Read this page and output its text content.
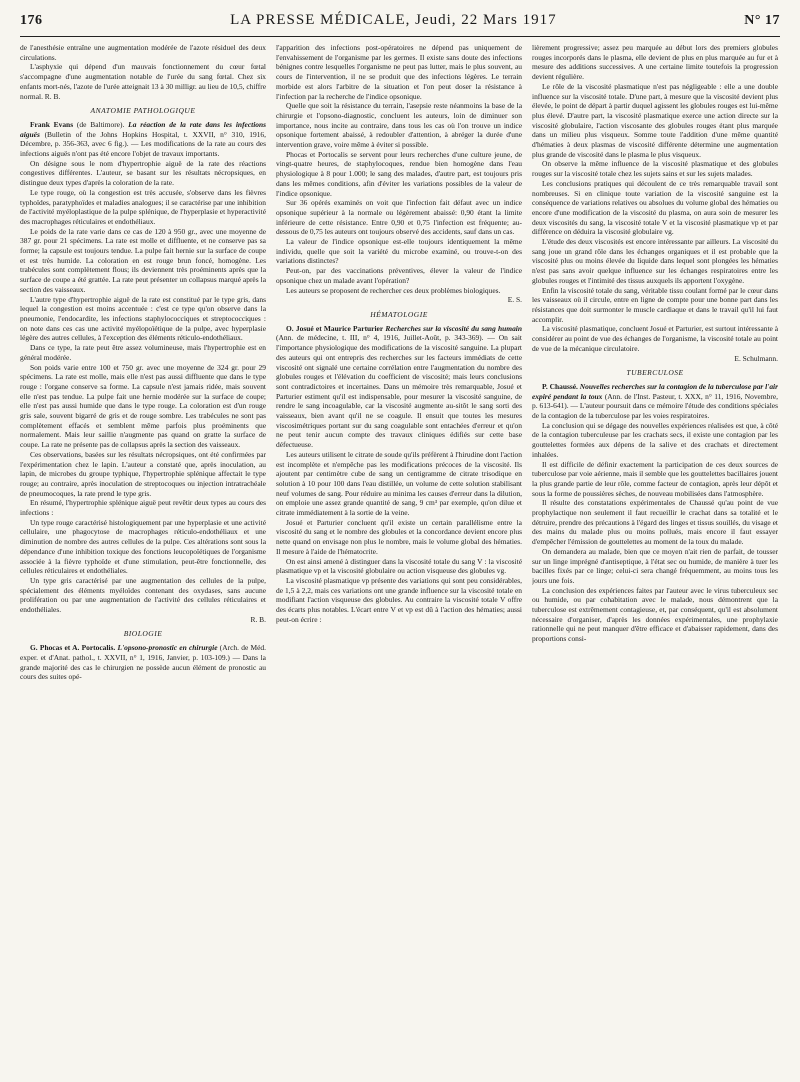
176	LA PRESSE MÉDICALE, Jeudi, 22 Mars 1917	N° 17

de l'anesthésie entraîne une augmentation modérée de l'azote résiduel des deux circulations.

L'asphyxie qui dépend d'un mauvais fonctionnement du cœur fœtal s'accompagne d'une augmentation notable de l'urée du sang fœtal. Chez six enfants mort-nés, l'azote de l'urée atteignait 13 à 30 milligr. au lieu de 10,5, chiffre normal. R. B.

ANATOMIE PATHOLOGIQUE

Frank Evans (de Baltimore). La réaction de la rate dans les infections aiguës (Bulletin of the Johns Hopkins Hospital, t. XXVII, n° 310, 1916, Décembre, p. 356-363, avec 6 fig.). — Les modifications de la rate au cours des infections aiguës n'ont pas été encore l'objet de travaux importants.

On désigne sous le nom d'hypertrophie aiguë de la rate des réactions congestives différentes. L'auteur, se basant sur les résultats nécropsiques, en distingue deux types d'après la coloration de la rate.

Le type rouge, où la congestion est très accusée, s'observe dans les fièvres typhoïdes, paratyphoïdes et maladies analogues; il se caractérise par une inhibition de l'activité myéloplastique de la pulpe splénique, de l'hyperplasie et hyperactivité des macrophages réticulaires et endothéliaux.

Le poids de la rate varie dans ce cas de 120 à 950 gr., avec une moyenne de 387 gr. pour 21 spécimens. La rate est molle et diffluente, et ne conserve pas sa forme; la capsule est toujours tendue. La pulpe fait hernie sur la surface de coupe et est très humide. La coloration en est rouge brun foncé, homogène. Les trabécules sont complètement flous; ils deviennent très proéminents après que la surface de coupe a été grattée. La rate peut présenter un collapsus marqué après la section des vaisseaux.

L'autre type d'hypertrophie aiguë de la rate est constitué par le type gris, dans lequel la congestion est moins accentuée : c'est ce type qu'on observe dans la pneumonie, l'endocardite, les infections staphylococciques et streptococciques : on note dans ces cas une activité myélopoïétique de la pulpe, avec hyperplasie légère des autres cellules, à l'exception des éléments réticulo-endothéliaux.

Dans ce type, la rate peut être assez volumineuse, mais l'hypertrophie est en général modérée.

Son poids varie entre 100 et 750 gr. avec une moyenne de 324 gr. pour 29 spécimens. La rate est molle, mais elle n'est pas aussi diffluente que dans le type rouge : l'organe conserve sa forme. La capsule n'est jamais ridée, mais souvent elle n'est pas tendue. La pulpe fait une hernie modérée sur la surface de coupe; elle n'est pas aussi humide que dans le type rouge. La coloration est d'un rouge gris sale, souvent bigarré de gris et de rouge sombre. Les trabécules ne sont pas complètement effacés et semblent même parfois plus proéminents que normalement. Mais leur saillie n'augmente pas quand on gratte la surface de coupe. La rate ne présente pas de collapsus après la section des vaisseaux.

Ces observations, basées sur les résultats nécropsiques, ont été confirmées par l'expérimentation chez le lapin. L'auteur a constaté que, après inoculation, au lapin, de microbes du groupe typhique, l'hypertrophie splénique affectait le type rouge; au contraire, après inoculation de streptocoques ou injection intratrachéale de pneumocoques, la rate prend le type gris.

En résumé, l'hypertrophie splénique aiguë peut revêtir deux types au cours des infections :

Un type rouge caractérisé histologiquement par une hyperplasie et une activité cellulaire, une phagocytose de macrophages réticulo-endothéliaux et une diminution de nombre des autres cellules de la pulpe. Ces altérations sont sous la dépendance d'une inhibition toxique des fonctions leucopoïétiques de l'organisme associée à la fièvre typhoïde et d'une stimulation, peut-être fonctionnelle, des cellules réticulaires et endothéliales.

Un type gris caractérisé par une augmentation des cellules de la pulpe, spécialement des éléments myéloïdes contenant des oxydases, sans aucune prolifération ou par une augmentation de l'activité des cellules réticulaires et endothéliales.

R. B.

BIOLOGIE

G. Phocas et A. Portocalis. L'opsono-pronostic en chirurgie (Arch. de Méd. exper. et d'Anat. pathol., t. XXVII, n° 1, 1916, Janvier, p. 103-109.) — Dans la grande majorité des cas le chirurgien ne possède aucun élément de pronostic au cours des suites opé-

l'apparition des infections post-opératoires ne dépend pas uniquement de l'envahissement de l'organisme par les germes. Il existe sans doute des infections bénignes contre lesquelles l'organisme ne peut pas lutter, mais le plus souvent, au cours de l'intervention, il ne se produit que des infections légères. Le terrain morbide est alors l'arbitre de la situation et l'on peut doser la résistance à l'infection par la recherche de l'indice opsonique.

Quelle que soit la résistance du terrain, l'asepsie reste néanmoins la base de la chirurgie et l'opsono-diagnostic, concluent les auteurs, loin de diminuer son importance, nous incite au contraire, dans tous les cas où l'on trouve un indice opsonique fortement abaissé, à redoubler d'attention, à abréger la durée d'une intervention grave, voire même à éviter si possible.

Phocas et Portocalis se servent pour leurs recherches d'une culture jeune, de vingt-quatre heures, de staphylocoques, rendue bien homogène dans l'eau physiologique à 8 pour 1.000; le sang des malades, d'autre part, est toujours pris dans les mêmes conditions, afin d'éviter les variations possibles de la valeur de l'indice opsonique.

Sur 36 opérés examinés on voit que l'infection fait défaut avec un indice opsonique supérieur à la normale ou légèrement abaissé: 0,90 étant la limite inférieure de cette résistance. Entre 0,90 et 0,75 l'infection est fréquente; au-dessous de 0,75 les auteurs ont toujours observé des accidents, sauf dans un cas.

La valeur de l'indice opsonique est-elle toujours identiquement la même individu, quelle que soit la variété du microbe examiné, ou trouve-t-on des variations distinctes?

Peut-on, par des vaccinations préventives, élever la valeur de l'indice opsonique chez un malade avant l'opération?

Les auteurs se proposent de rechercher ces deux problèmes biologiques.

E. S.

HÉMATOLOGIE

O. Josué et Maurice Parturier Recherches sur la viscosité du sang humain (Ann. de médecine, t. III, n° 4, 1916, Juillet-Août, p. 343-369). — On sait l'importance physiologique des modifications de la viscosité sanguine. La plupart des auteurs qui ont entrepris des recherches sur les facteurs immédiats de cette viscosité ont signalé une certaine corrélation entre l'augmentation du nombre des globules rouges et l'élévation du coefficient de viscosité; mais leurs conclusions sont contradictoires et incertaines. Dans un mémoire très remarquable, Josué et Parturier estiment qu'il est indispensable, pour mesurer la viscosité sanguine, de rendre le sang incoagulable, car la viscosité augmente au-sitôt le sang sorti des vaisseaux, bien avant qu'il ne se coagule. Il ensuit que toutes les mesures viscosimétriques portant sur du sang coagulable sont entachées d'erreur et qu'on ne peut tenir aucun compte des travaux cliniques édifiés sur cette base défectueuse.

Les auteurs utilisent le citrate de soude qu'ils préfèrent à l'hirudine dont l'action est incomplète et n'empêche pas les modifications précoces de la viscosité. Ils ajoutent par centimètre cube de sang un centigramme de citrate trisodique en solution à 10 pour 100 dans l'eau distillée, un volume de cette solution stabilisant neuf volumes de sang. Pour réduire au minima les causes d'erreur dans la dilution, on emploie une assez grande quantité de sang, 9 cm³ par exemple, qu'on dilue et citrate immédiatement à la sortie de la veine.

Josué et Parturier concluent qu'il existe un certain parallélisme entre la viscosité du sang et le nombre des globules et la concordance devient encore plus nette quand on envisage non plus le nombre, mais le volume global des hématies. Il mesure à l'aide de l'hématocrite.

On est ainsi amené à distinguer dans la viscosité totale du sang V : la viscosité plasmatique vp et la viscosité globulaire ou action visqueuse des globules vg.

La viscosité plasmatique vp présente des variations qui sont peu considérables, de 1,5 à 2,2, mais ces variations ont une grande influence sur la viscosité totale en modifiant l'action visqueuse des globules. Au contraire la viscosité totale V offre des écarts plus notables. L'écart entre V et vp est dû à l'action des hématies; aussi peut-on écrire :

lièrement progressive; assez peu marquée au début lors des premiers globules rouges incorporés dans le plasma, elle devient de plus en plus marquée au fur et à mesure des additions successives. A une certaine limite toutefois la progression devient régulière.

Le rôle de la viscosité plasmatique n'est pas négligeable : elle a une double influence sur la viscosité totale. D'une part, à mesure que la viscosité devient plus élevée, le point de départ à partir duquel agissent les globules rouges est lui-même plus élevé. D'autre part, la viscosité plasmatique exerce une action directe sur la viscosité globulaire, l'action viscosante des globules rouges étant plus marquée dans un milieu plus visqueux. Somme toute l'addition d'une même quantité d'hématies à deux plasmas de viscosité différente détermine une augmentation plus grande de viscosité dans le plasma le plus visqueux.

On observe la même influence de la viscosité plasmatique et des globules rouges sur la viscosité totale chez les sujets sains et sur les sujets malades.

Les conclusions pratiques qui découlent de ce très remarquable travail sont nombreuses. Si en clinique toute variation de la viscosité sanguine est la conséquence de variations relatives ou absolues du volume global des hématies ou encore d'une modification de la viscosité du plasma, on aura soin de mesurer les deux viscosités du sang, la viscosité totale V et la viscosité plasmatique vp et par différence on déduira la viscosité globulaire vg.

L'étude des deux viscosités est encore intéressante par ailleurs. La viscosité du sang joue un grand rôle dans les échanges organiques et il est probable que la viscosité plus ou moins élevée du liquide dans lequel sont plongées les hématies n'est pas sans avoir quelque influence sur les échanges respiratoires entre les globules rouges et l'intimité des tissus auxquels ils apportent l'oxygène.

Enfin la viscosité totale du sang, véritable tissu coulant formé par le cœur dans les vaisseaux où il circule, entre en ligne de compte pour une bonne part dans les résistances que doit surmonter le muscle cardiaque et dans le travail qu'il lui faut accomplir.

La viscosité plasmatique, concluent Josué et Parturier, est surtout intéressante à considérer au point de vue des échanges de l'organisme, la viscosité totale au point de vue de la mécanique circulatoire.

E. Schulmann.

TUBERCULOSE

P. Chaussé. Nouvelles recherches sur la contagion de la tuberculose par l'air expiré pendant la toux (Ann. de l'Inst. Pasteur, t. XXX, n° 11, 1916, Novembre, p. 613-641). — L'auteur poursuit dans ce mémoire l'étude des conditions spéciales de la contagion de la tuberculose par les voies respiratoires.

La conclusion qui se dégage des nouvelles expériences réalisées est que, à côté de la contagion tuberculeuse par les crachats secs, il existe une contagion par les gouttelettes formées aux dépens de la salive et des crachats et directement inhalées.

Il est difficile de définir exactement la participation de ces deux sources de tuberculose par voie aérienne, mais il semble que les gouttelettes bacillaires jouent la plus grande partie de leur rôle, comme facteur de contagion, après leur dépôt et sous la forme de poussières sèches, de nouveau mobilisées dans l'atmosphère.

Il résulte des constatations expérimentales de Chaussé qu'au point de vue prophylactique non seulement il faut recueillir le crachat dans sa totalité et le détruire, prendre des précautions à l'égard des linges et tissus souillés, du visage et des mains du malade plus ou moins pollués, mais encore il faut essayer d'empêcher l'émission de gouttelettes au moment de la toux du malade.

On demandera au malade, bien que ce moyen n'ait rien de parfait, de tousser sur un linge imprégné d'antiseptique, à l'état sec ou humide, de manière à tuer les bacilles fixés par ce linge; celui-ci sera changé fréquemment, au moins tous les jours une fois.

La conclusion des expériences faites par l'auteur avec le virus tuberculeux sec ou humide, ou par cohabitation avec le malade, nous démontrent que la tuberculose est extrêmement contagieuse, et, par conséquent, qu'il est absolument nécessaire d'organiser, d'après les données expérimentales, une prophylaxie rationnelle qui ne peut manquer d'être efficace et d'abaisser rapidement, dans des proportions consi-
